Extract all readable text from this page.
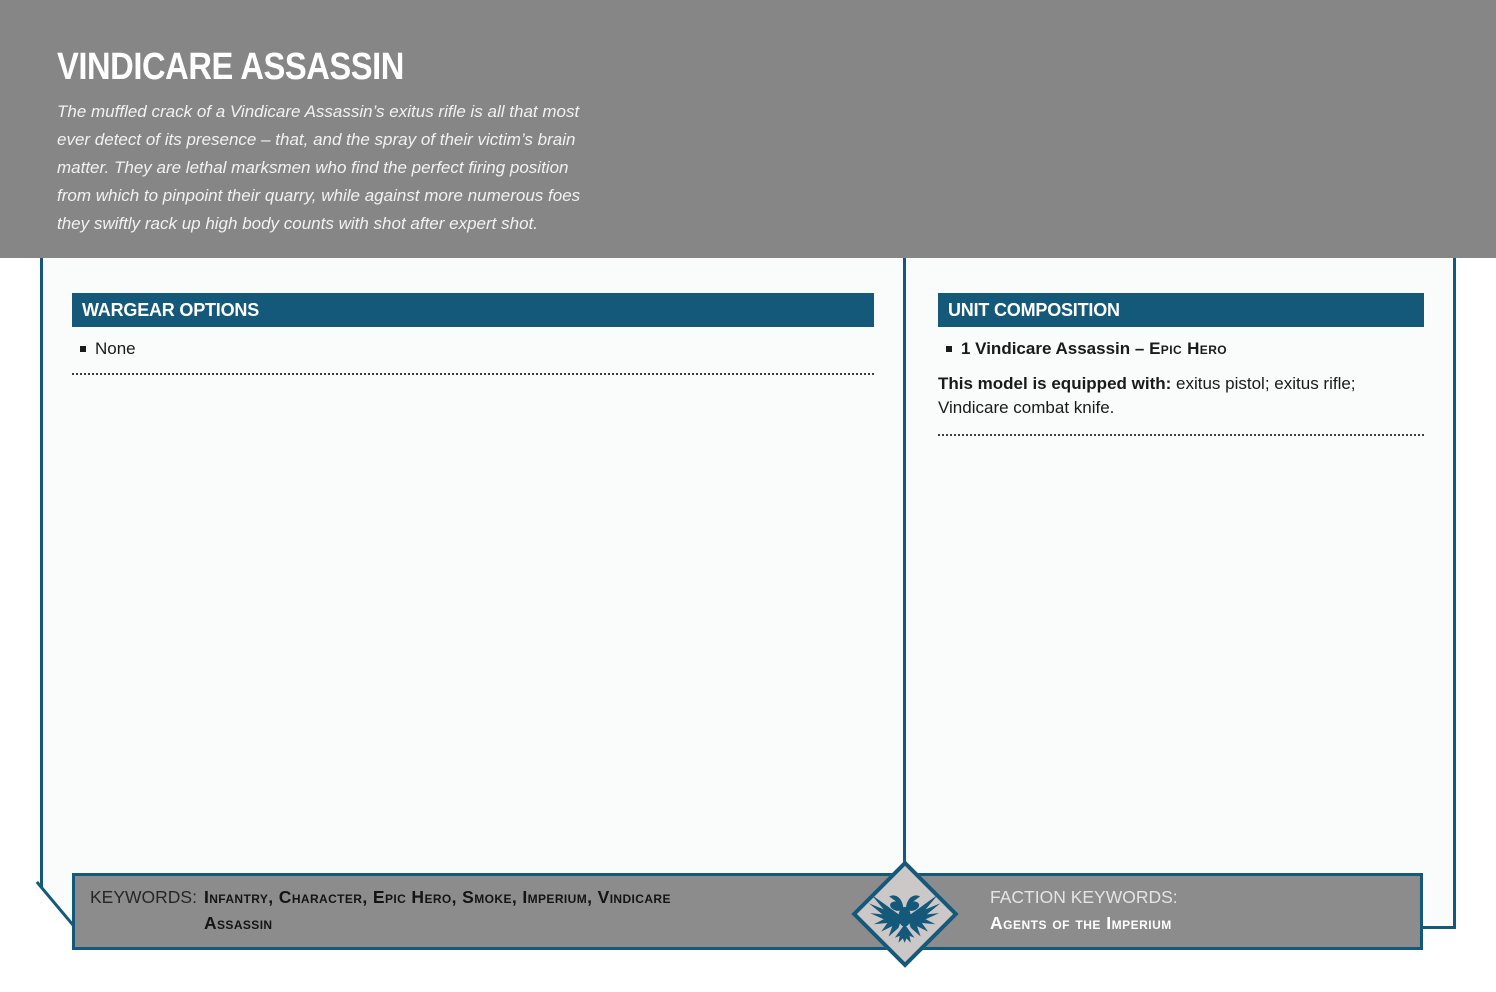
VINDICARE ASSASSIN
The muffled crack of a Vindicare Assassin’s exitus rifle is all that most
ever detect of its presence – that, and the spray of their victim’s brain
matter. They are lethal marksmen who find the perfect firing position
from which to pinpoint their quarry, while against more numerous foes
they swiftly rack up high body counts with shot after expert shot.
WARGEAR OPTIONS
None
UNIT COMPOSITION
1 Vindicare Assassin – Epic Hero
This model is equipped with: exitus pistol; exitus rifle; Vindicare combat knife.
KEYWORDS: Infantry, Character, Epic Hero, Smoke, Imperium, Vindicare Assassin
FACTION KEYWORDS:
Agents of the Imperium
